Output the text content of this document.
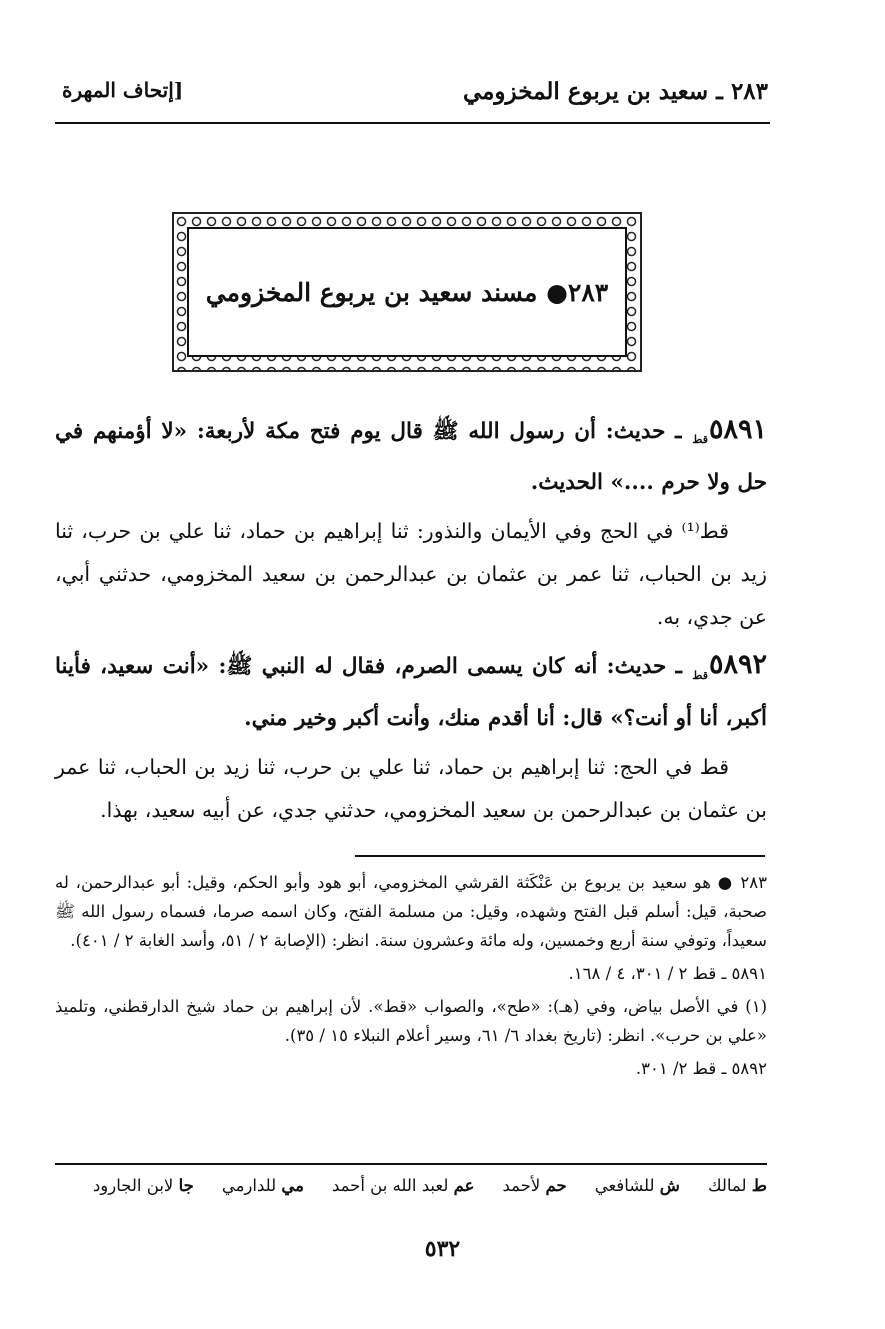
٢٨٣ ـ سعيد بن يربوع المخزومي
[إتحاف المهرة
٢٨٣● مسند سعيد بن يربوع المخزومي

$٥٨٩١_{قط}$ ـ حديث: أن رسول الله ﷺ قال يوم فتح مكة لأربعة: «لا أؤمنهم في حل ولا حرم ....» الحديث.

قط⁽¹⁾ في الحج وفي الأيمان والنذور: ثنا إبراهيم بن حماد، ثنا علي بن حرب، ثنا زيد بن الحباب، ثنا عمر بن عثمان بن عبدالرحمن بن سعيد المخزومي، حدثني أبي، عن جدي، به.

$٥٨٩٢_{قط}$ ـ حديث: أنه كان يسمى الصرم، فقال له النبي ﷺ: «أنت سعيد، فأينا أكبر، أنا أو أنت؟» قال: أنا أقدم منك، وأنت أكبر وخير مني.

قط في الحج: ثنا إبراهيم بن حماد، ثنا علي بن حرب، ثنا زيد بن الحباب، ثنا عمر بن عثمان بن عبدالرحمن بن سعيد المخزومي، حدثني جدي، عن أبيه سعيد، بهذا.

٢٨٣ ● هو سعيد بن يربوع بن عَنْكَثة القرشي المخزومي، أبو هود وأبو الحكم، وقيل: أبو عبدالرحمن، له صحبة، قيل: أسلم قبل الفتح وشهده، وقيل: من مسلمة الفتح، وكان اسمه صرما، فسماه رسول الله ﷺ سعيداً، وتوفي سنة أربع وخمسين، وله مائة وعشرون سنة. انظر: (الإصابة ٢ / ٥١، وأسد الغابة ٢ / ٤٠١).

٥٨٩١ ـ قط ٢ / ٣٠١، ٤ / ١٦٨.

(١) في الأصل بياض، وفي (هـ): «طح»، والصواب «قط». لأن إبراهيم بن حماد شيخ الدارقطني، وتلميذ «علي بن حرب». انظر: (تاريخ بغداد ٦/ ٦١، وسير أعلام النبلاء ١٥ / ٣٥).

٥٨٩٢ ـ قط ٢/ ٣٠١.

ط لمالك
ش للشافعي
حم لأحمد
عم لعبد الله بن أحمد
مي للدارمي
جا لابن الجارود
٥٣٢
